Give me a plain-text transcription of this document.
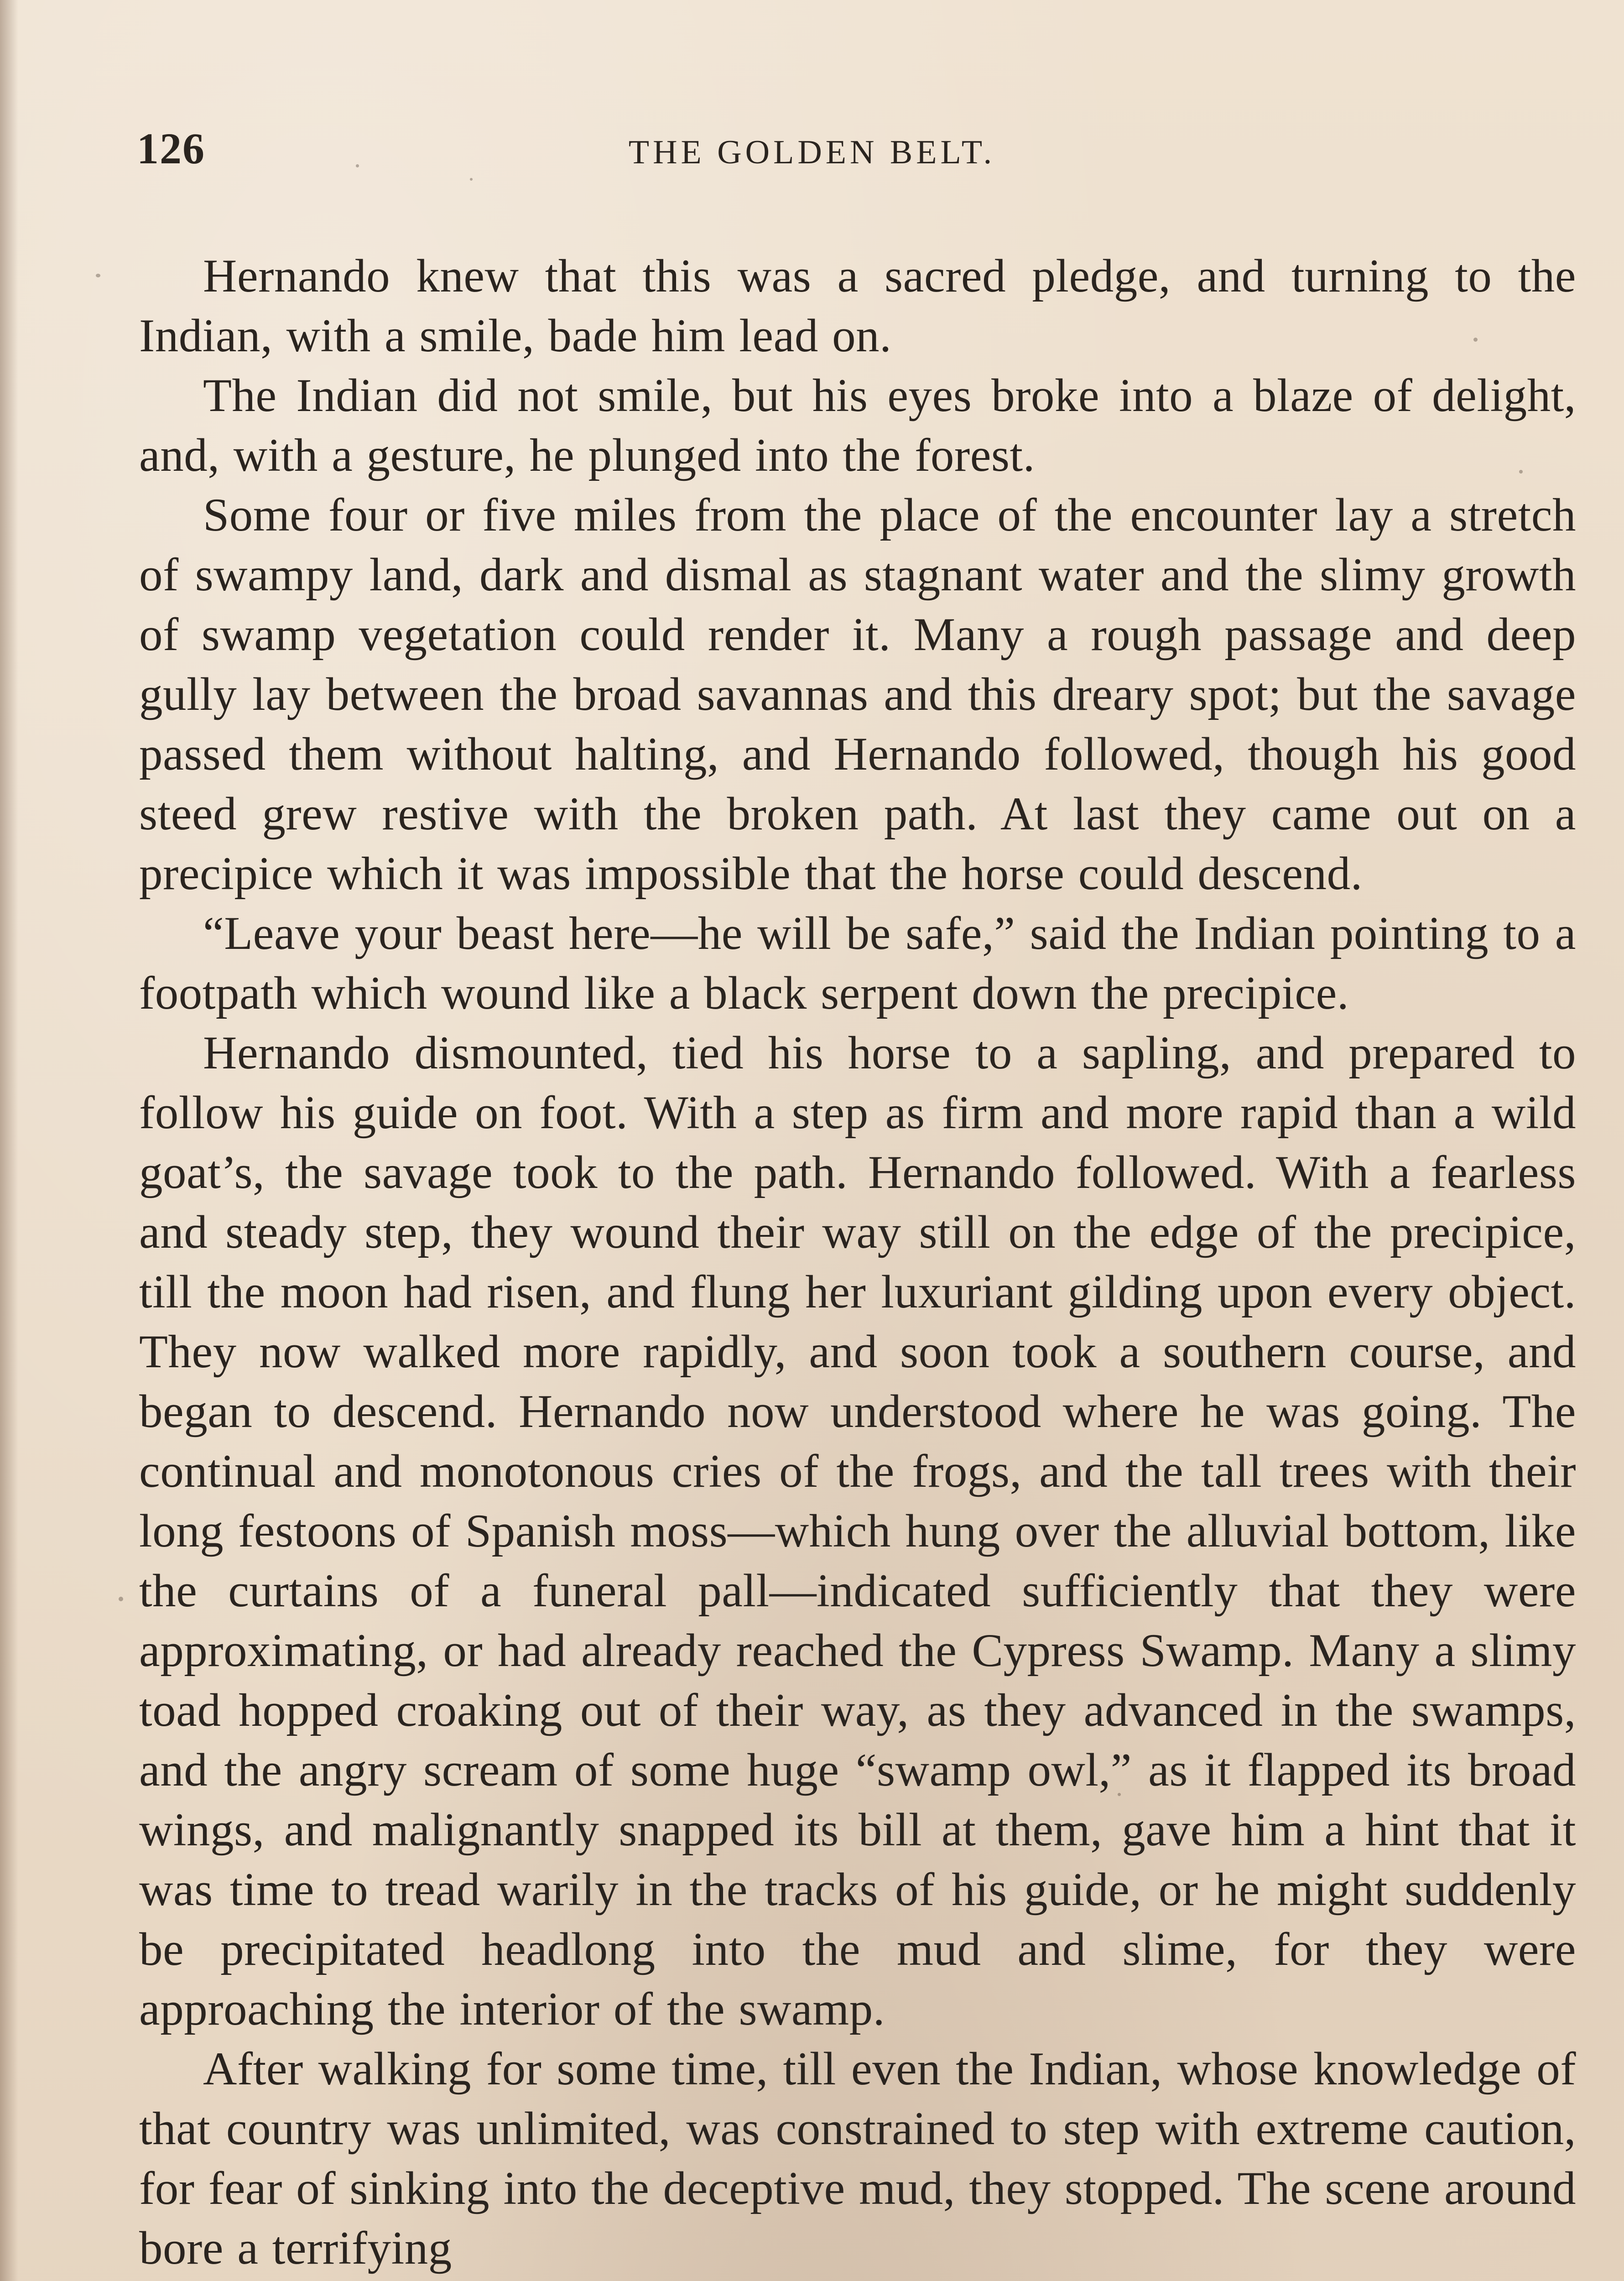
126	THE GOLDEN BELT.

Hernando knew that this was a sacred pledge, and turning to the Indian, with a smile, bade him lead on.

The Indian did not smile, but his eyes broke into a blaze of delight, and, with a gesture, he plunged into the forest.

Some four or five miles from the place of the encounter lay a stretch of swampy land, dark and dismal as stagnant water and the slimy growth of swamp vegetation could render it. Many a rough passage and deep gully lay between the broad savannas and this dreary spot; but the savage passed them without halting, and Hernando followed, though his good steed grew restive with the broken path. At last they came out on a precipice which it was impossible that the horse could descend.

“Leave your beast here—he will be safe,” said the Indian pointing to a footpath which wound like a black serpent down the precipice.

Hernando dismounted, tied his horse to a sapling, and prepared to follow his guide on foot. With a step as firm and more rapid than a wild goat’s, the savage took to the path. Hernando followed. With a fearless and steady step, they wound their way still on the edge of the precipice, till the moon had risen, and flung her luxuriant gilding upon every object. They now walked more rapidly, and soon took a southern course, and began to descend. Hernando now understood where he was going. The continual and monotonous cries of the frogs, and the tall trees with their long festoons of Spanish moss—which hung over the alluvial bottom, like the curtains of a funeral pall—indicated sufficiently that they were approximating, or had already reached the Cypress Swamp. Many a slimy toad hopped croaking out of their way, as they advanced in the swamps, and the angry scream of some huge “swamp owl,” as it flapped its broad wings, and malignantly snapped its bill at them, gave him a hint that it was time to tread warily in the tracks of his guide, or he might suddenly be precipitated headlong into the mud and slime, for they were approaching the interior of the swamp.

After walking for some time, till even the Indian, whose knowledge of that country was unlimited, was constrained to step with extreme caution, for fear of sinking into the deceptive mud, they stopped. The scene around bore a terrifying
